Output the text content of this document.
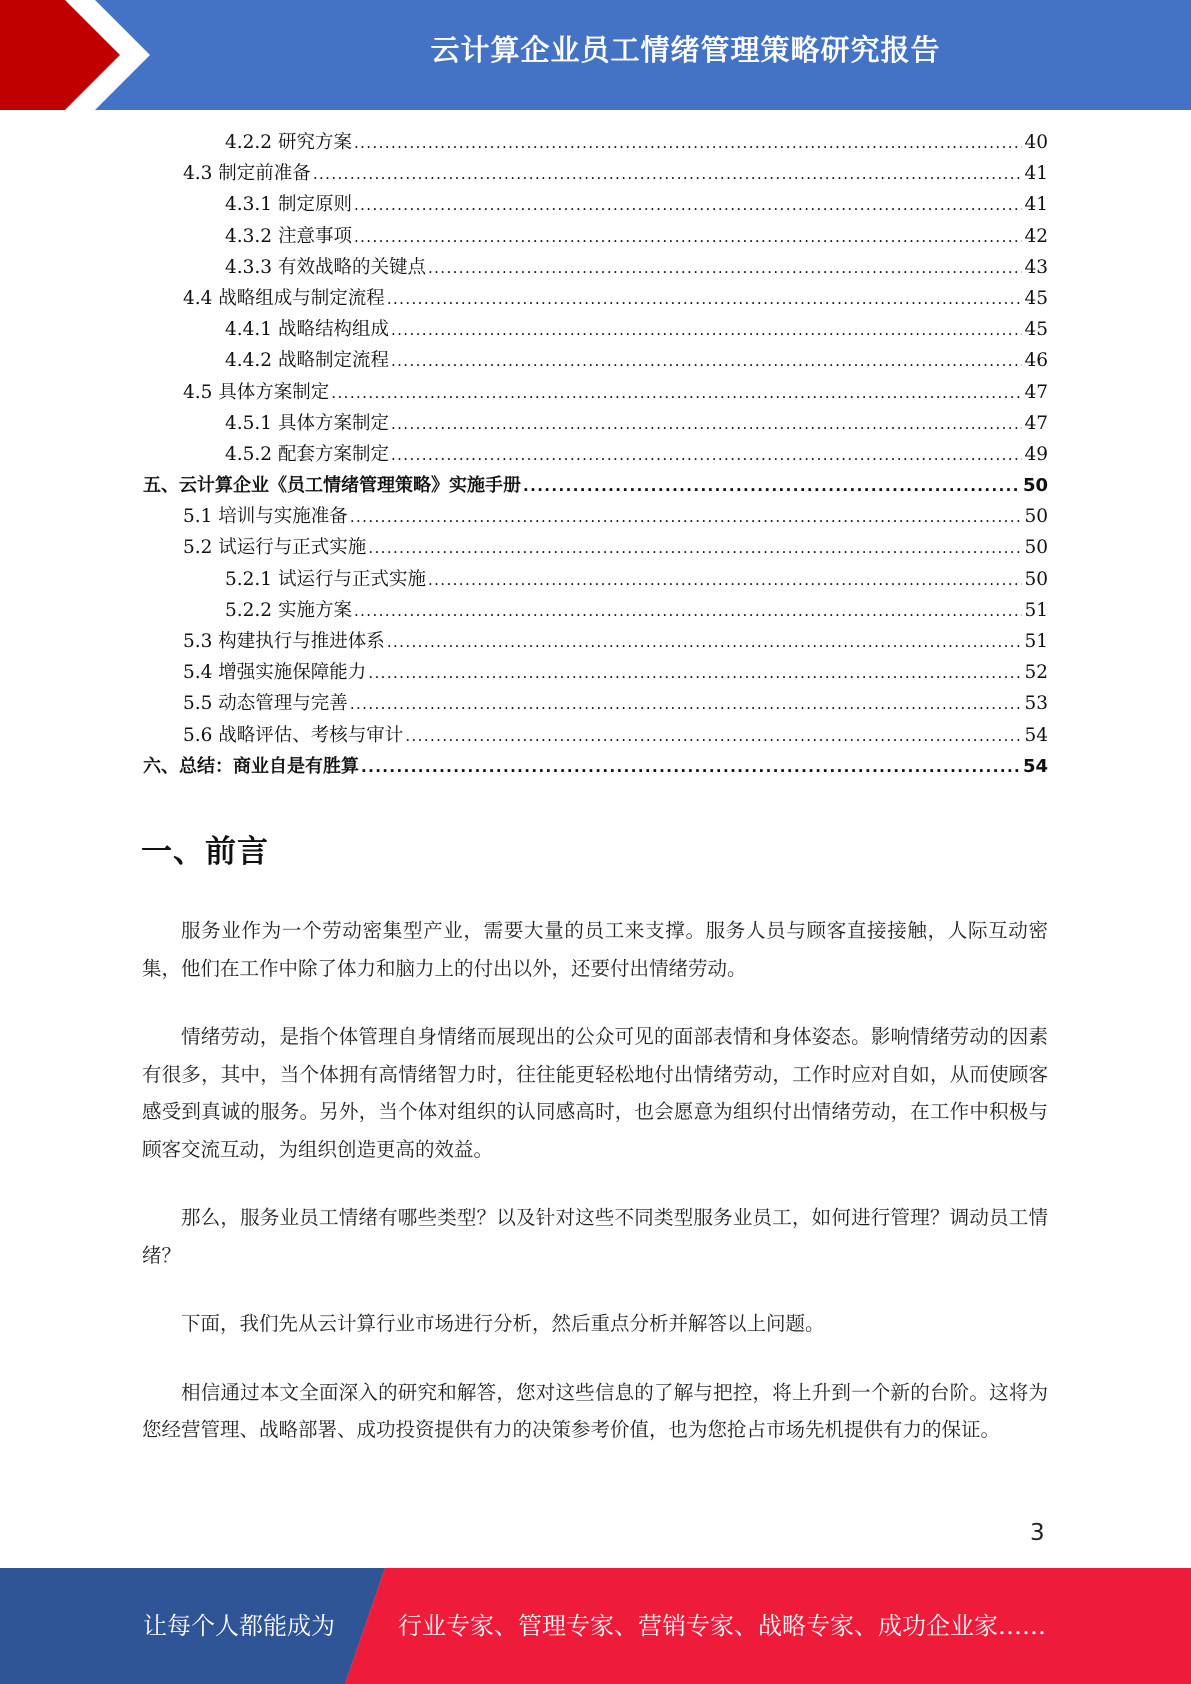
云计算企业员工情绪管理策略研究报告
4.2.2 研究方案 .....	40
4.3 制定前准备 .....	41
4.3.1 制定原则 .....	41
4.3.2 注意事项 .....	42
4.3.3 有效战略的关键点 .....	43
4.4 战略组成与制定流程 .....	45
4.4.1 战略结构组成 .....	45
4.4.2 战略制定流程 .....	46
4.5 具体方案制定 .....	47
4.5.1 具体方案制定 .....	47
4.5.2 配套方案制定 .....	49
五、云计算企业《员工情绪管理策略》实施手册 .....	50
5.1 培训与实施准备 .....	50
5.2 试运行与正式实施 .....	50
5.2.1 试运行与正式实施 .....	50
5.2.2 实施方案 .....	51
5.3 构建执行与推进体系 .....	51
5.4 增强实施保障能力 .....	52
5.5 动态管理与完善 .....	53
5.6 战略评估、考核与审计 .....	54
六、总结：商业自是有胜算 .....	54
一、前言

服务业作为一个劳动密集型产业，需要大量的员工来支撑。服务人员与顾客直接接触，人际互动密集，他们在工作中除了体力和脑力上的付出以外，还要付出情绪劳动。

情绪劳动，是指个体管理自身情绪而展现出的公众可见的面部表情和身体姿态。影响情绪劳动的因素有很多，其中，当个体拥有高情绪智力时，往往能更轻松地付出情绪劳动，工作时应对自如，从而使顾客感受到真诚的服务。另外，当个体对组织的认同感高时，也会愿意为组织付出情绪劳动，在工作中积极与顾客交流互动，为组织创造更高的效益。

那么，服务业员工情绪有哪些类型？以及针对这些不同类型服务业员工，如何进行管理？调动员工情绪？

下面，我们先从云计算行业市场进行分析，然后重点分析并解答以上问题。

相信通过本文全面深入的研究和解答，您对这些信息的了解与把控，将上升到一个新的台阶。这将为您经营管理、战略部署、成功投资提供有力的决策参考价值，也为您抢占市场先机提供有力的保证。

3
让每个人都能成为	行业专家、管理专家、营销专家、战略专家、成功企业家……
